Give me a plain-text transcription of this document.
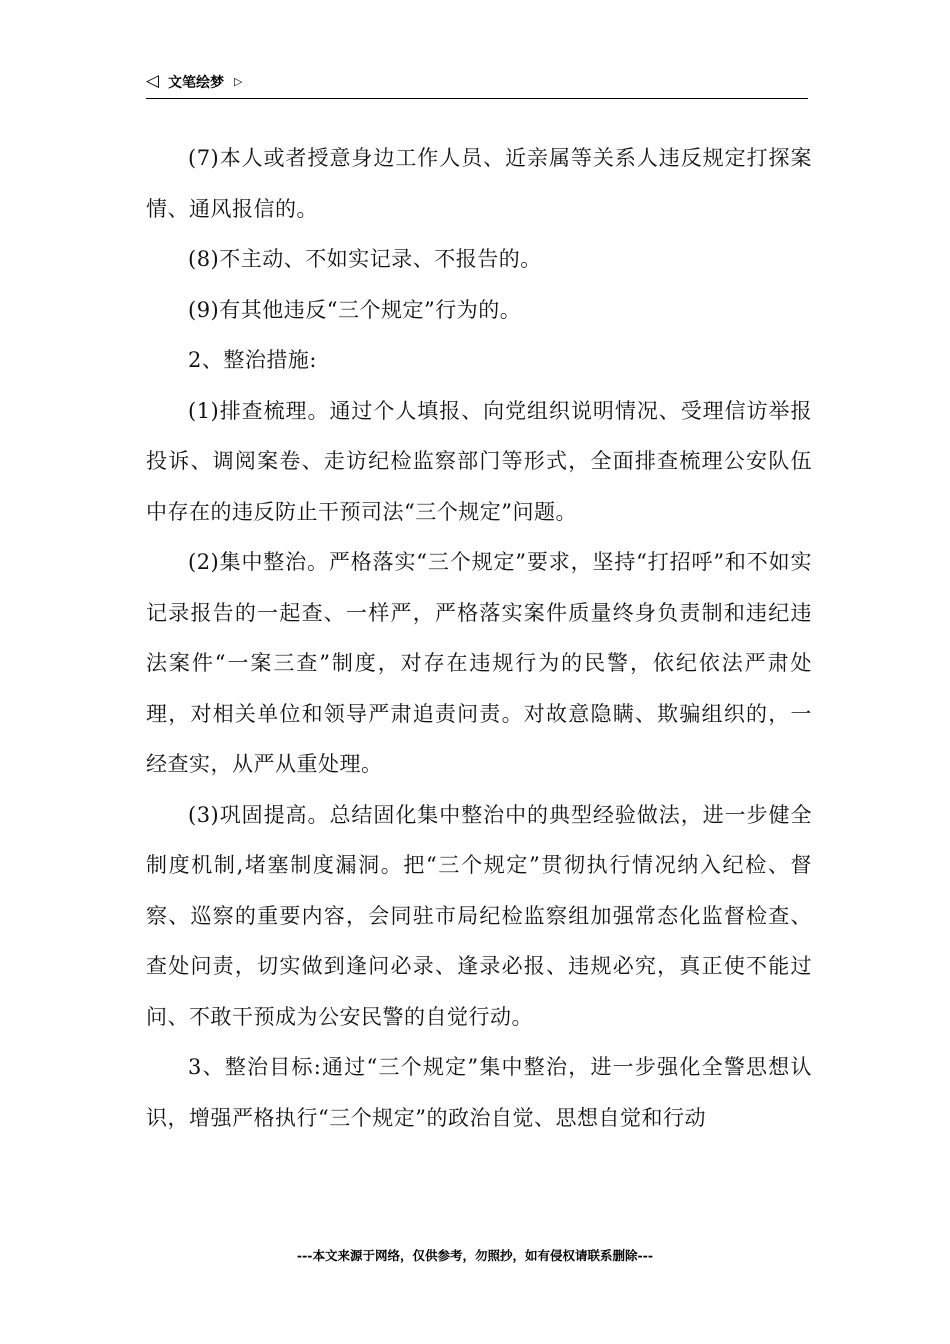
◁ 文笔绘梦 ▷

(7)本人或者授意身边工作人员、近亲属等关系人违反规定打探案情、通风报信的。

(8)不主动、不如实记录、不报告的。

(9)有其他违反“三个规定”行为的。

2、整治措施:

(1)排查梳理。通过个人填报、向党组织说明情况、受理信访举报投诉、调阅案卷、走访纪检监察部门等形式，全面排查梳理公安队伍中存在的违反防止干预司法“三个规定”问题。

(2)集中整治。严格落实“三个规定”要求，坚持“打招呼”和不如实记录报告的一起查、一样严，严格落实案件质量终身负责制和违纪违法案件“一案三查”制度，对存在违规行为的民警，依纪依法严肃处理，对相关单位和领导严肃追责问责。对故意隐瞒、欺骗组织的，一经查实，从严从重处理。

(3)巩固提高。总结固化集中整治中的典型经验做法，进一步健全制度机制,堵塞制度漏洞。把“三个规定”贯彻执行情况纳入纪检、督察、巡察的重要内容，会同驻市局纪检监察组加强常态化监督检查、查处问责，切实做到逢问必录、逢录必报、违规必究，真正使不能过问、不敢干预成为公安民警的自觉行动。

3、整治目标:通过“三个规定”集中整治，进一步强化全警思想认识，增强严格执行“三个规定”的政治自觉、思想自觉和行动

---本文来源于网络，仅供参考，勿照抄，如有侵权请联系删除---
